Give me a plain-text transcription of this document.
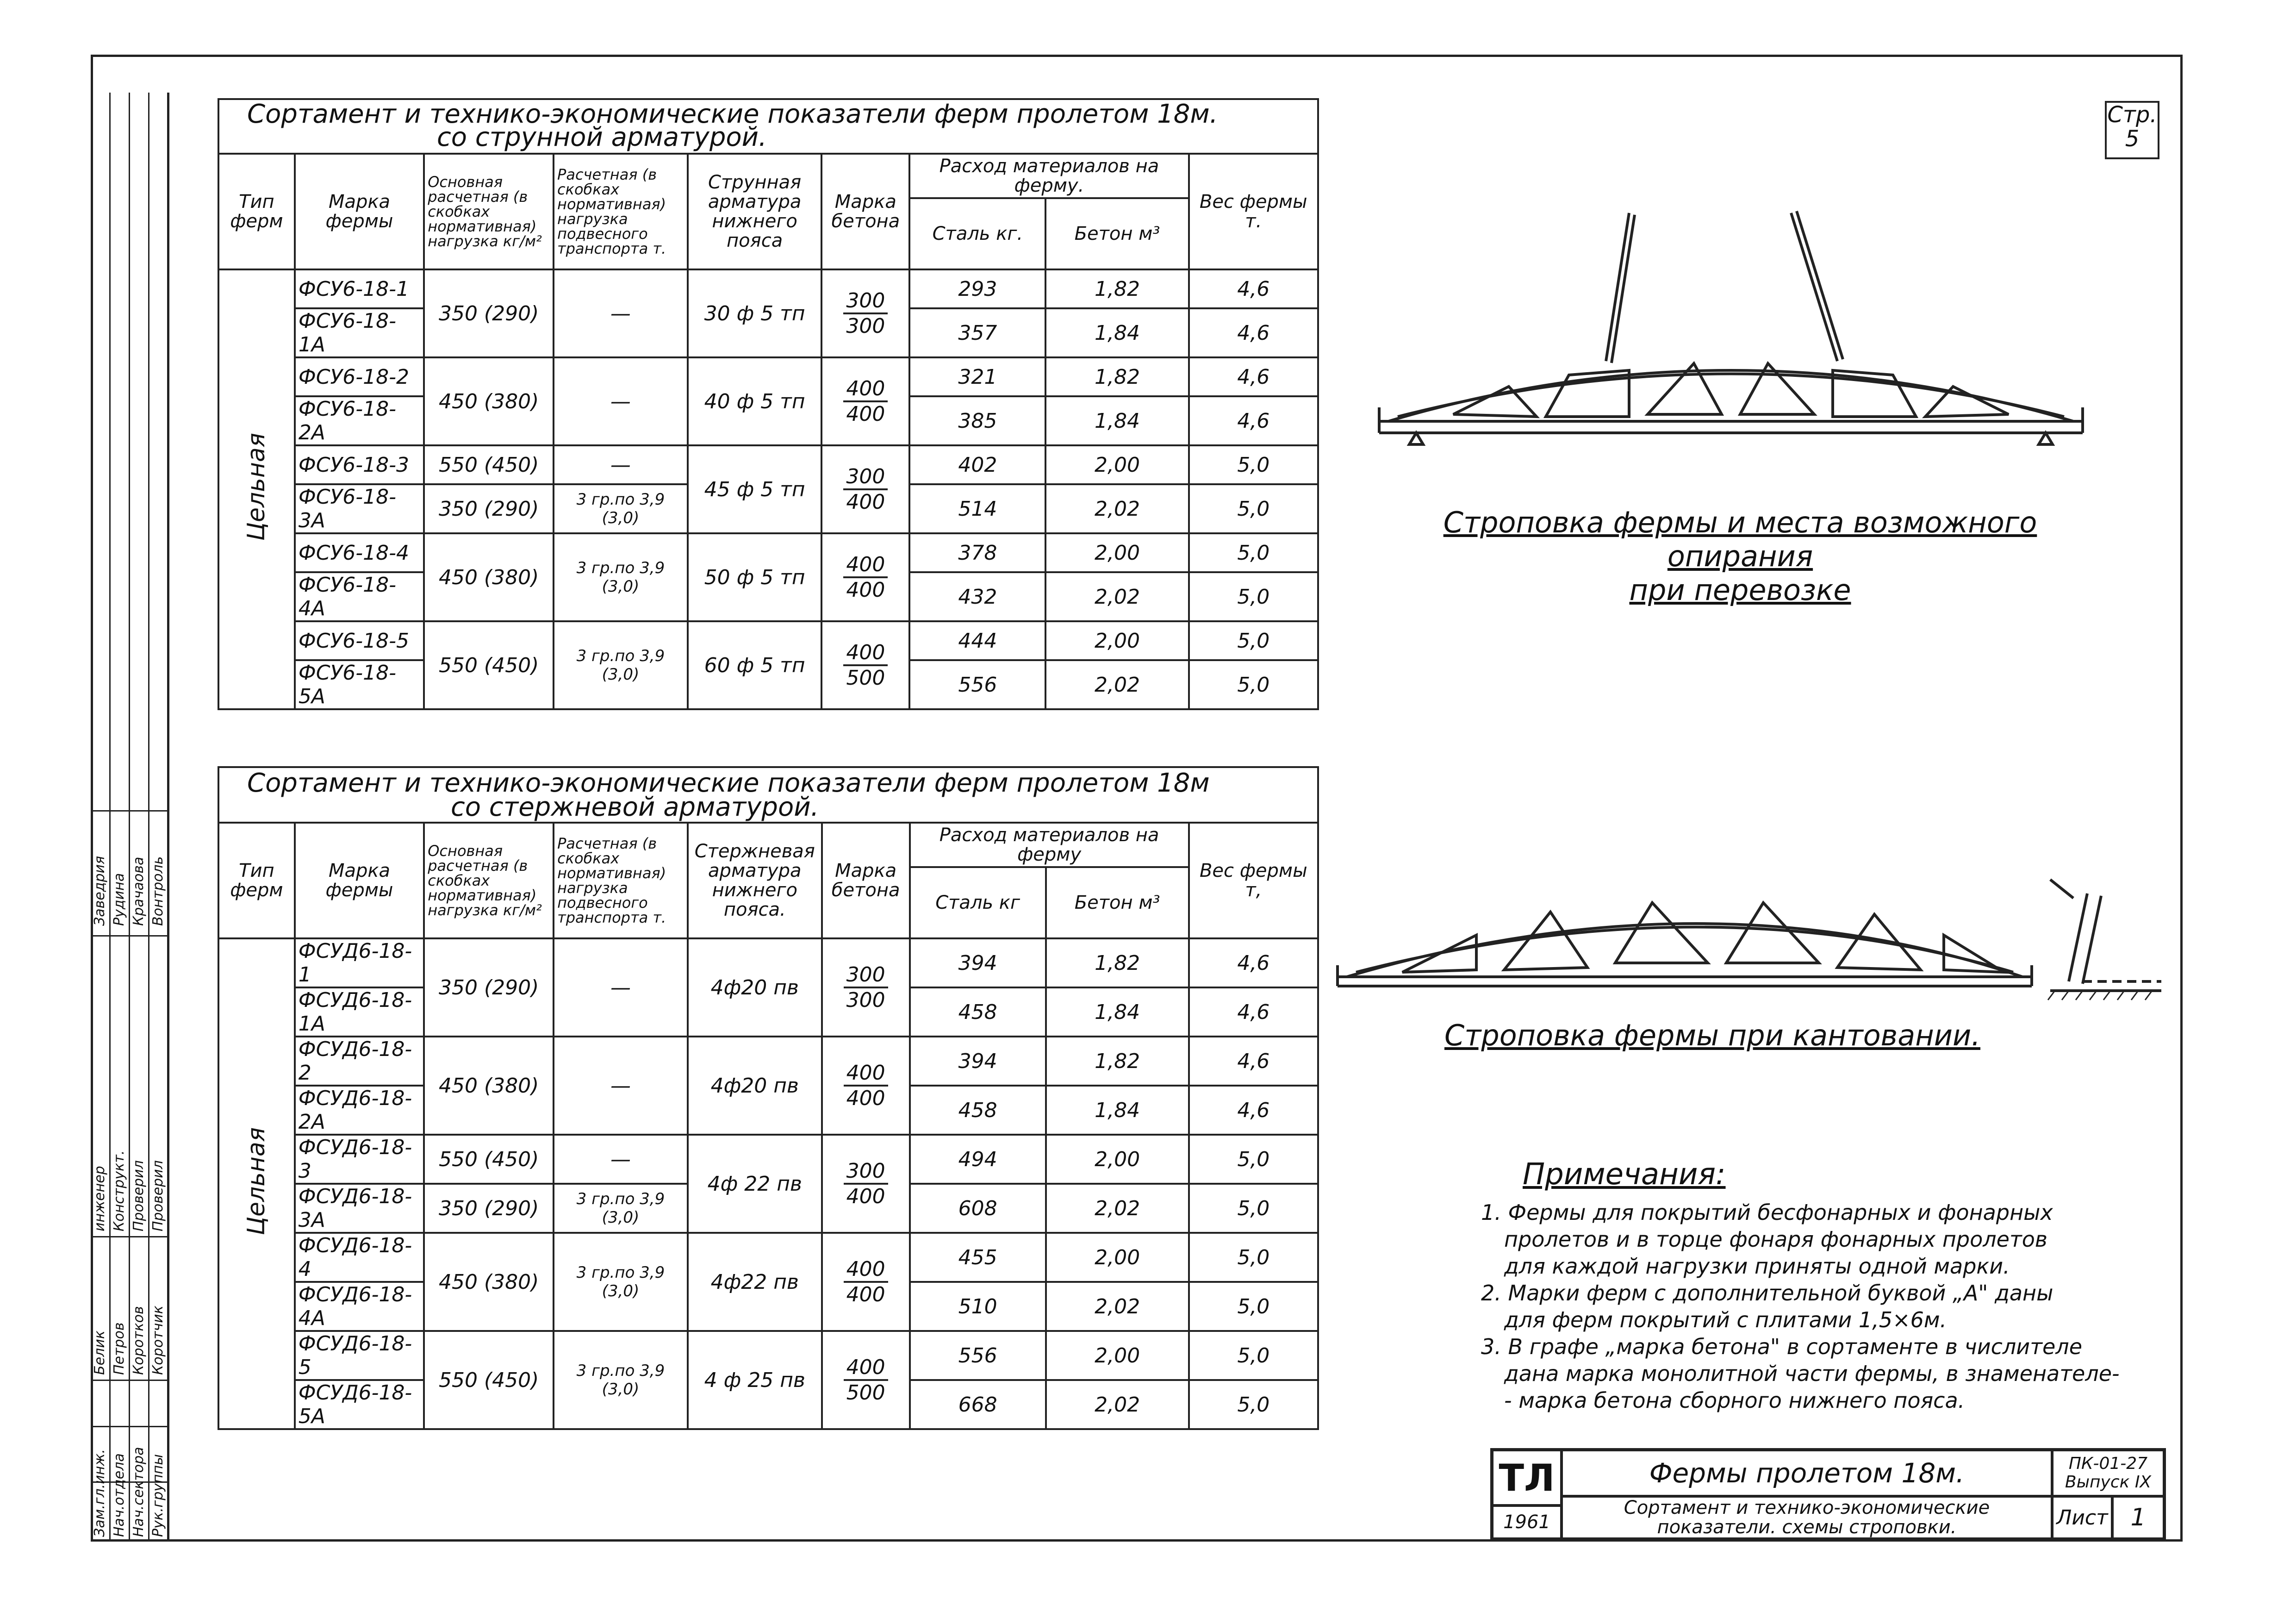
Заведрия Рудина Крачаова Вонтроль
инженер Конструкт. Проверил Проверил
Белик Петров Коротков Коротчик
Зам.гл.инж. Нач.отдела Нач.сектора Рук.группы
Стр.
5
Сортамент и технико-экономические показатели ферм пролетом 18м.
со струнной арматурой.
Тип ферм	Марка фермы	Основная расчетная (в скобках нормативная) нагрузка кг/м²	Расчетная (в скобках нормативная) нагрузка подвесного транспорта т.	Струнная арматура нижнего пояса	Марка бетона	Расход материалов на ферму.		Вес фермы т.
						Сталь кг.	Бетон м³	
Цельная	ФСУ6-18-1	350 (290)	—	30 ф 5 тп	$\frac{300}{300}$	293	1,82	4,6
	ФСУ6-18-1А					357	1,84	4,6
	ФСУ6-18-2	450 (380)	—	40 ф 5 тп	$\frac{400}{400}$	321	1,82	4,6
	ФСУ6-18-2А					385	1,84	4,6
	ФСУ6-18-3	550 (450)	—	45 ф 5 тп	$\frac{300}{400}$	402	2,00	5,0
	ФСУ6-18-3А	350 (290)	3 гр.по 3,9 (3,0)			514	2,02	5,0
	ФСУ6-18-4	450 (380)	3 гр.по 3,9 (3,0)	50 ф 5 тп	$\frac{400}{400}$	378	2,00	5,0
	ФСУ6-18-4А					432	2,02	5,0
	ФСУ6-18-5	550 (450)	3 гр.по 3,9 (3,0)	60 ф 5 тп	$\frac{400}{500}$	444	2,00	5,0
	ФСУ6-18-5А					556	2,02	5,0
Сортамент и технико-экономические показатели ферм пролетом 18м
со стержневой арматурой.
Тип ферм	Марка фермы	Основная расчетная (в скобках нормативная) нагрузка кг/м²	Расчетная (в скобках нормативная) нагрузка подвесного транспорта т.	Стержневая арматура нижнего пояса.	Марка бетона	Расход материалов на ферму		Вес фермы т,
						Сталь кг	Бетон м³	
Цельная	ФСУД6-18-1	350 (290)	—	4ф20 пв	$\frac{300}{300}$	394	1,82	4,6
	ФСУД6-18-1А					458	1,84	4,6
	ФСУД6-18-2	450 (380)	—	4ф20 пв	$\frac{400}{400}$	394	1,82	4,6
	ФСУД6-18-2А					458	1,84	4,6
	ФСУД6-18-3	550 (450)	—	4ф 22 пв	$\frac{300}{400}$	494	2,00	5,0
	ФСУД6-18-3А	350 (290)	3 гр.по 3,9 (3,0)			608	2,02	5,0
	ФСУД6-18-4	450 (380)	3 гр.по 3,9 (3,0)	4ф22 пв	$\frac{400}{400}$	455	2,00	5,0
	ФСУД6-18-4А					510	2,02	5,0
	ФСУД6-18-5	550 (450)	3 гр.по 3,9 (3,0)	4 ф 25 пв	$\frac{400}{500}$	556	2,00	5,0
	ФСУД6-18-5А					668	2,02	5,0
Строповка фермы и места возможного опирания
при перевозке
Строповка фермы при кантовании.
Примечания:
1. Фермы для покрытий бесфонарных и фонарных
пролетов и в торце фонаря фонарных пролетов
для каждой нагрузки приняты одной марки.
2. Марки ферм с дополнительной буквой „А" даны
для ферм покрытий с плитами 1,5×6м.
3. В графе „марка бетона" в сортаменте в числителе
дана марка монолитной части фермы, в знаменателе-
- марка бетона сборного нижнего пояса.
ТЛ
1961
Фермы пролетом 18м.
Сортамент и технико-экономические
показатели. схемы строповки.
ПК-01-27
Выпуск IX
Лист 1
